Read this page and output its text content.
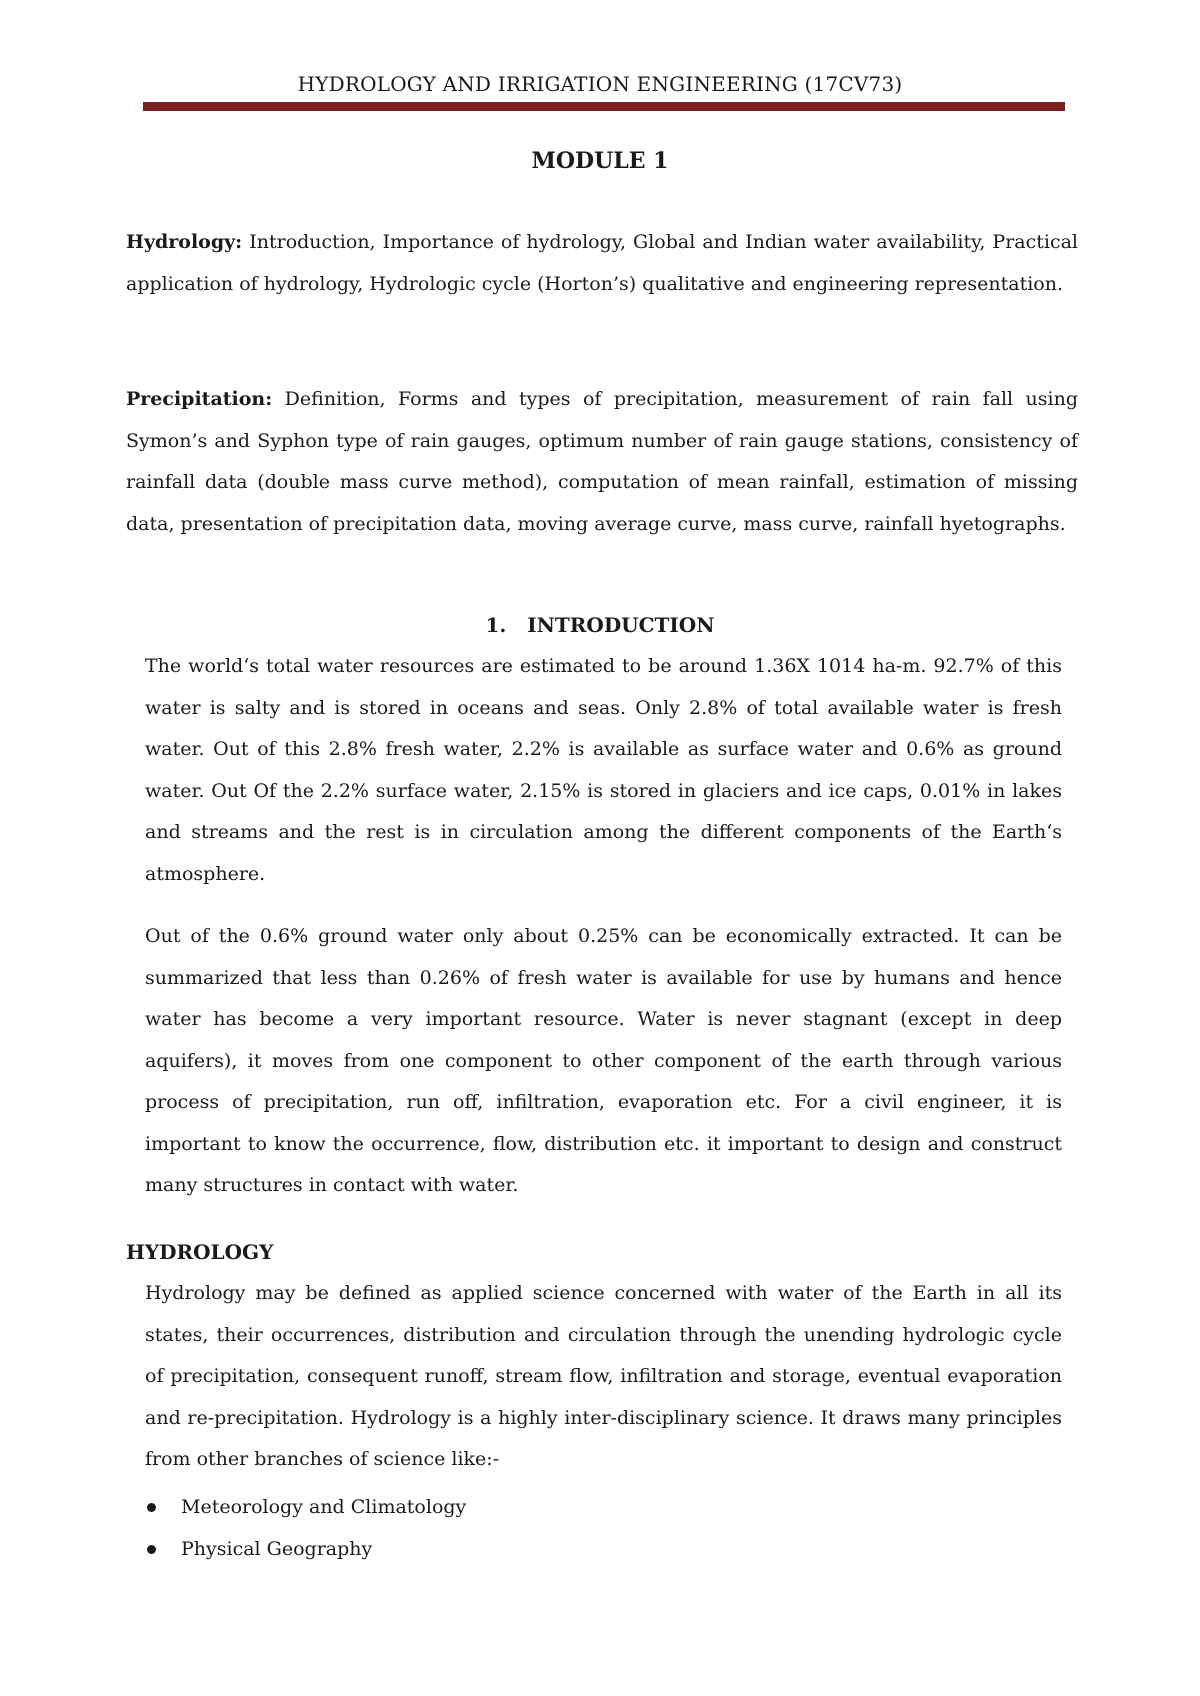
HYDROLOGY AND IRRIGATION ENGINEERING (17CV73)
MODULE 1

Hydrology: Introduction, Importance of hydrology, Global and Indian water availability, Practical application of hydrology, Hydrologic cycle (Horton’s) qualitative and engineering representation.

Precipitation: Definition, Forms and types of precipitation, measurement of rain fall using Symon’s and Syphon type of rain gauges, optimum number of rain gauge stations, consistency of rainfall data (double mass curve method), computation of mean rainfall, estimation of missing data, presentation of precipitation data, moving average curve, mass curve, rainfall hyetographs.

1.   INTRODUCTION

The world‘s total water resources are estimated to be around 1.36X 1014 ha-m. 92.7% of this water is salty and is stored in oceans and seas. Only 2.8% of total available water is fresh water. Out of this 2.8% fresh water, 2.2% is available as surface water and 0.6% as ground water. Out Of the 2.2% surface water, 2.15% is stored in glaciers and ice caps, 0.01% in lakes and streams and the rest is in circulation among the different components of the Earth‘s atmosphere.

Out of the 0.6% ground water only about 0.25% can be economically extracted. It can be summarized that less than 0.26% of fresh water is available for use by humans and hence water has become a very important resource. Water is never stagnant (except in deep aquifers), it moves from one component to other component of the earth through various process of precipitation, run off, infiltration, evaporation etc. For a civil engineer, it is important to know the occurrence, flow, distribution etc. it important to design and construct many structures in contact with water.

HYDROLOGY

Hydrology may be defined as applied science concerned with water of the Earth in all its states, their occurrences, distribution and circulation through the unending hydrologic cycle of precipitation, consequent runoff, stream flow, infiltration and storage, eventual evaporation and re-precipitation. Hydrology is a highly inter-disciplinary science. It draws many principles from other branches of science like:-

Meteorology and Climatology
Physical Geography
